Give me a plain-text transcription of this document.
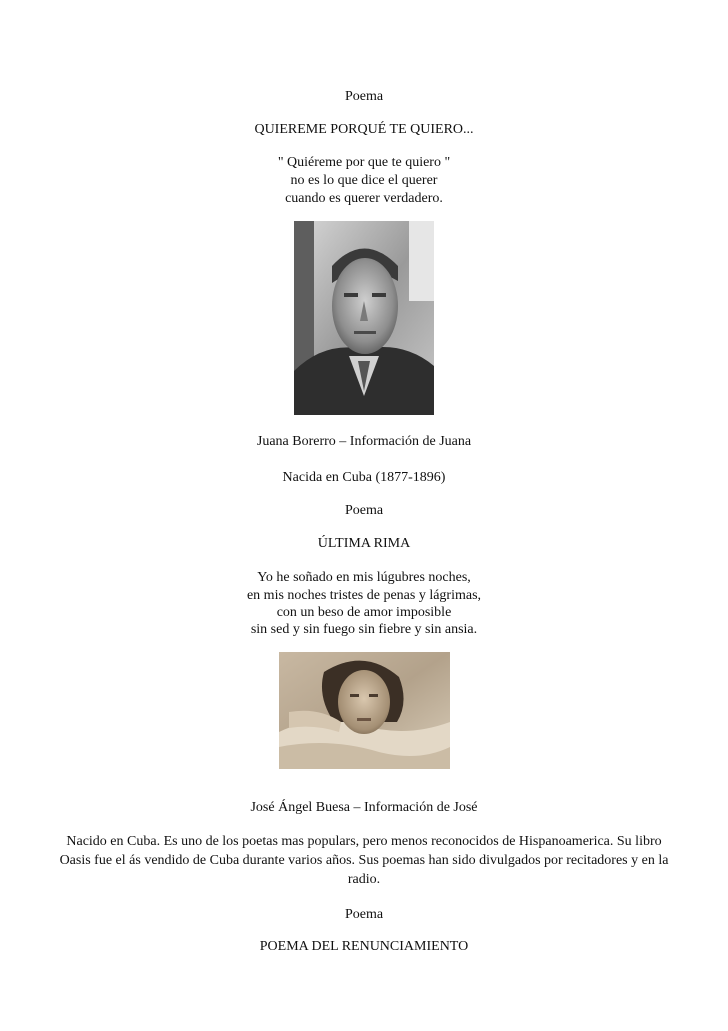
Poema
QUIEREME PORQUÉ TE QUIERO...
" Quiéreme por que te quiero "
no es lo que dice el querer
cuando es querer verdadero.
Juana Borerro – Información de Juana
Nacida en Cuba (1877-1896)
Poema
ÚLTIMA RIMA
Yo he soñado en mis lúgubres noches,
en mis noches tristes de penas y lágrimas,
con un beso de amor imposible
sin sed y sin fuego sin fiebre y sin ansia.
José Ángel Buesa – Información de José
Nacido en Cuba. Es uno de los poetas mas populars, pero menos reconocidos de Hispanoamerica. Su libro Oasis fue el ás vendido de Cuba durante varios años. Sus poemas han sido divulgados por recitadores y en la radio.
Poema
POEMA DEL RENUNCIAMIENTO
